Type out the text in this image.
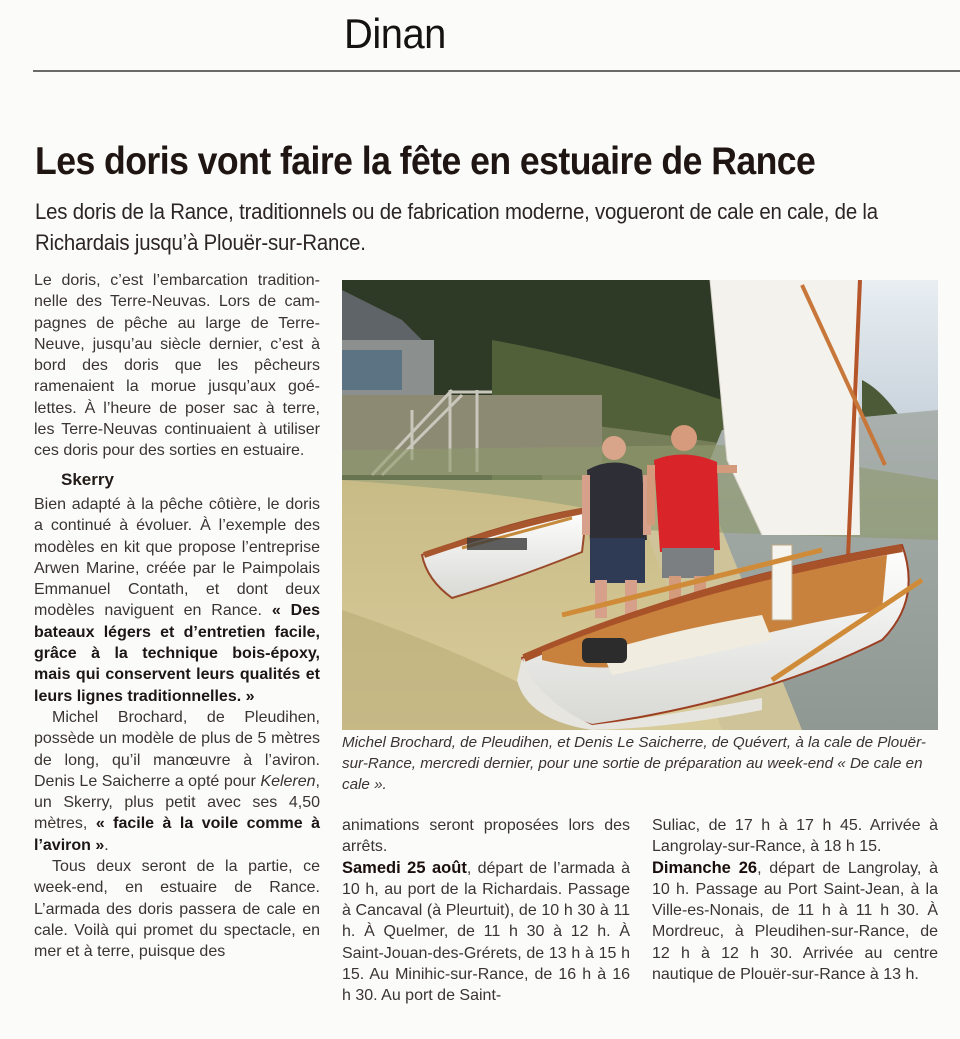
Dinan
Les doris vont faire la fête en estuaire de Rance

Les doris de la Rance, traditionnels ou de fabrication moderne, vogueront de cale en cale, de la Richardais jusqu’à Plouër-sur-Rance.

Le doris, c’est l’embarcation traditionnelle des Terre-Neuvas. Lors de campagnes de pêche au large de Terre-Neuve, jusqu’au siècle dernier, c’est à bord des doris que les pêcheurs ramenaient la morue jusqu’aux goélettes. À l’heure de poser sac à terre, les Terre-Neuvas continuaient à utiliser ces doris pour des sorties en estuaire.

Skerry

Bien adapté à la pêche côtière, le doris a continué à évoluer. À l’exemple des modèles en kit que propose l’entreprise Arwen Marine, créée par le Paimpolais Emmanuel Contath, et dont deux modèles naviguent en Rance. « Des bateaux légers et d’entretien facile, grâce à la technique bois-époxy, mais qui conservent leurs qualités et leurs lignes traditionnelles. »

Michel Brochard, de Pleudihen, possède un modèle de plus de 5 mètres de long, qu’il manœuvre à l’aviron. Denis Le Saicherre a opté pour Keleren, un Skerry, plus petit avec ses 4,50 mètres, « facile à la voile comme à l’aviron ».

Tous deux seront de la partie, ce week-end, en estuaire de Rance. L’armada des doris passera de cale en cale. Voilà qui promet du spectacle, en mer et à terre, puisque des

Michel Brochard, de Pleudihen, et Denis Le Saicherre, de Quévert, à la cale de Plouër-sur-Rance, mercredi dernier, pour une sortie de préparation au week-end « De cale en cale ».

animations seront proposées lors des arrêts.

Samedi 25 août, départ de l’armada à 10 h, au port de la Richardais. Passage à Cancaval (à Pleurtuit), de 10 h 30 à 11 h. À Quelmer, de 11 h 30 à 12 h. À Saint-Jouan-des-Grérets, de 13 h à 15 h 15. Au Minihic-sur-Rance, de 16 h à 16 h 30. Au port de Saint-

Suliac, de 17 h à 17 h 45. Arrivée à Langrolay-sur-Rance, à 18 h 15.

Dimanche 26, départ de Langrolay, à 10 h. Passage au Port Saint-Jean, à la Ville-es-Nonais, de 11 h à 11 h 30. À Mordreuc, à Pleudihen-sur-Rance, de 12 h à 12 h 30. Arrivée au centre nautique de Plouër-sur-Rance à 13 h.
